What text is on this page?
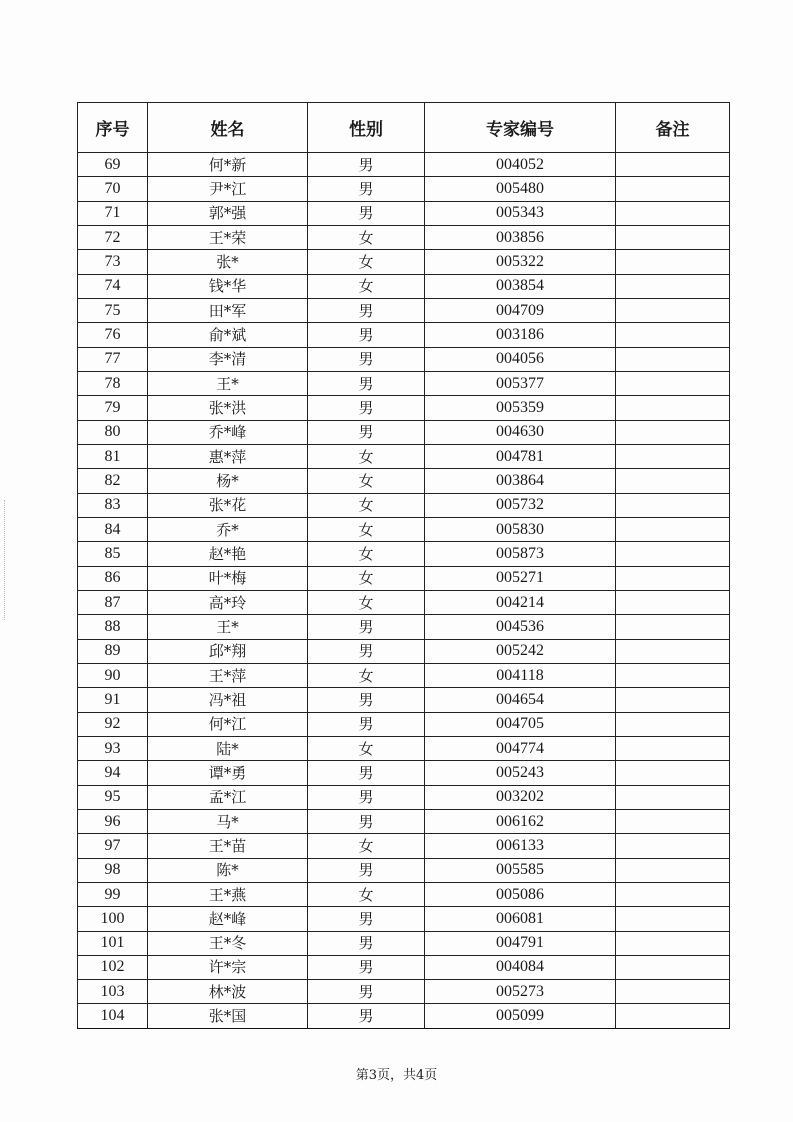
序号	姓名	性别	专家编号	备注
69	何*新	男	004052	
70	尹*江	男	005480	
71	郭*强	男	005343	
72	王*荣	女	003856	
73	张*	女	005322	
74	钱*华	女	003854	
75	田*军	男	004709	
76	俞*斌	男	003186	
77	李*清	男	004056	
78	王*	男	005377	
79	张*洪	男	005359	
80	乔*峰	男	004630	
81	惠*萍	女	004781	
82	杨*	女	003864	
83	张*花	女	005732	
84	乔*	女	005830	
85	赵*艳	女	005873	
86	叶*梅	女	005271	
87	高*玲	女	004214	
88	王*	男	004536	
89	邱*翔	男	005242	
90	王*萍	女	004118	
91	冯*祖	男	004654	
92	何*江	男	004705	
93	陆*	女	004774	
94	谭*勇	男	005243	
95	孟*江	男	003202	
96	马*	男	006162	
97	王*苗	女	006133	
98	陈*	男	005585	
99	王*燕	女	005086	
100	赵*峰	男	006081	
101	王*冬	男	004791	
102	许*宗	男	004084	
103	林*波	男	005273	
104	张*国	男	005099	
第3页，共4页
